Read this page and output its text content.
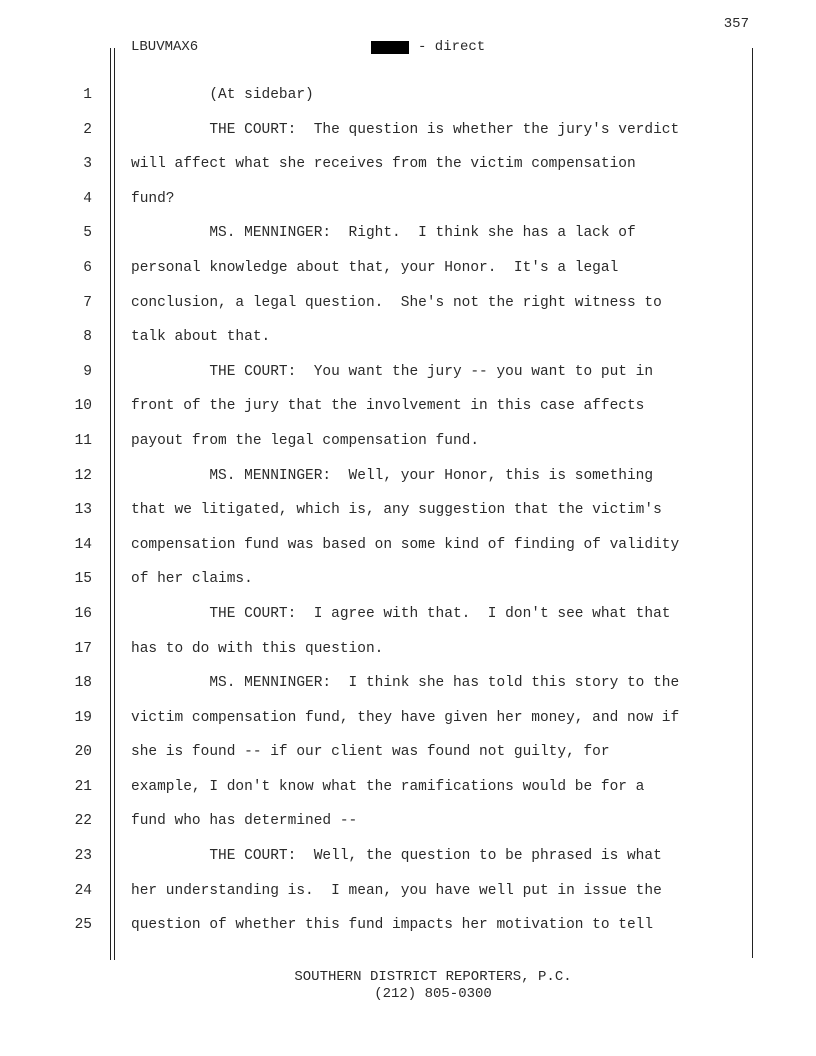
357
LBUVMAX6	- direct
1	(At sidebar)
2	THE COURT:  The question is whether the jury's verdict
3	will affect what she receives from the victim compensation
4	fund?
5	MS. MENNINGER:  Right.  I think she has a lack of
6	personal knowledge about that, your Honor.  It's a legal
7	conclusion, a legal question.  She's not the right witness to
8	talk about that.
9	THE COURT:  You want the jury -- you want to put in
10	front of the jury that the involvement in this case affects
11	payout from the legal compensation fund.
12	MS. MENNINGER:  Well, your Honor, this is something
13	that we litigated, which is, any suggestion that the victim's
14	compensation fund was based on some kind of finding of validity
15	of her claims.
16	THE COURT:  I agree with that.  I don't see what that
17	has to do with this question.
18	MS. MENNINGER:  I think she has told this story to the
19	victim compensation fund, they have given her money, and now if
20	she is found -- if our client was found not guilty, for
21	example, I don't know what the ramifications would be for a
22	fund who has determined --
23	THE COURT:  Well, the question to be phrased is what
24	her understanding is.  I mean, you have well put in issue the
25	question of whether this fund impacts her motivation to tell
SOUTHERN DISTRICT REPORTERS, P.C.
(212) 805-0300
